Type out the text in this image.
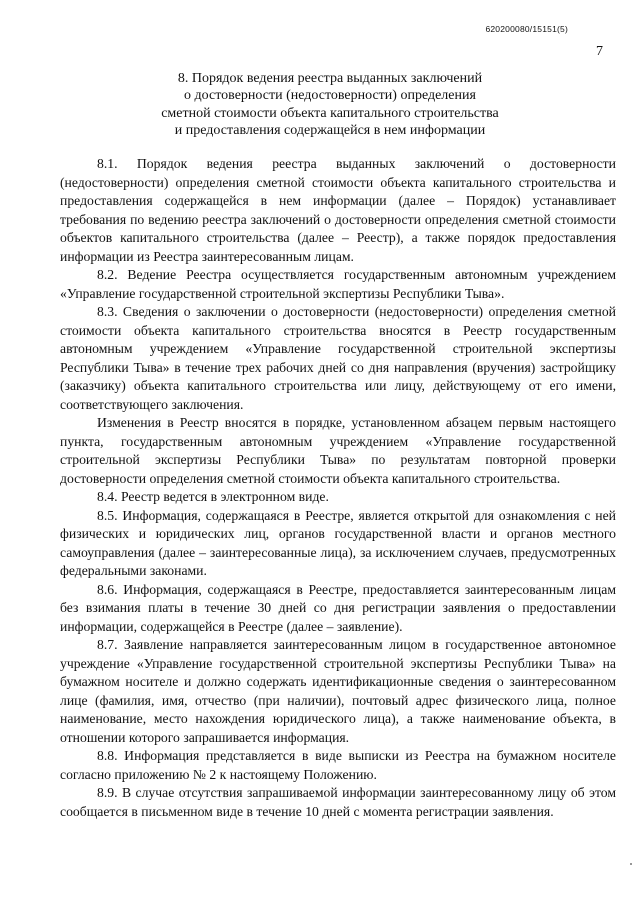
620200080/15151(5)
7
8. Порядок ведения реестра выданных заключений
о достоверности (недостоверности) определения
сметной стоимости объекта капитального строительства
и предоставления содержащейся в нем информации

8.1. Порядок ведения реестра выданных заключений о достоверности (недостоверности) определения сметной стоимости объекта капитального строительства и предоставления содержащейся в нем информации (далее – Порядок) устанавливает требования по ведению реестра заключений о достоверности определения сметной стоимости объектов капитального строительства (далее – Реестр), а также порядок предоставления информации из Реестра заинтересованным лицам.

8.2. Ведение Реестра осуществляется государственным автономным учреждением «Управление государственной строительной экспертизы Республики Тыва».

8.3. Сведения о заключении о достоверности (недостоверности) определения сметной стоимости объекта капитального строительства вносятся в Реестр государственным автономным учреждением «Управление государственной строительной экспертизы Республики Тыва» в течение трех рабочих дней со дня направления (вручения) застройщику (заказчику) объекта капитального строительства или лицу, действующему от его имени, соответствующего заключения.

Изменения в Реестр вносятся в порядке, установленном абзацем первым настоящего пункта, государственным автономным учреждением «Управление государственной строительной экспертизы Республики Тыва» по результатам повторной проверки достоверности определения сметной стоимости объекта капитального строительства.

8.4. Реестр ведется в электронном виде.

8.5. Информация, содержащаяся в Реестре, является открытой для ознакомления с ней физических и юридических лиц, органов государственной власти и органов местного самоуправления (далее – заинтересованные лица), за исключением случаев, предусмотренных федеральными законами.

8.6. Информация, содержащаяся в Реестре, предоставляется заинтересованным лицам без взимания платы в течение 30 дней со дня регистрации заявления о предоставлении информации, содержащейся в Реестре (далее – заявление).

8.7. Заявление направляется заинтересованным лицом в государственное автономное учреждение «Управление государственной строительной экспертизы Республики Тыва» на бумажном носителе и должно содержать идентификационные сведения о заинтересованном лице (фамилия, имя, отчество (при наличии), почтовый адрес физического лица, полное наименование, место нахождения юридического лица), а также наименование объекта, в отношении которого запрашивается информация.

8.8. Информация представляется в виде выписки из Реестра на бумажном носителе согласно приложению № 2 к настоящему Положению.

8.9. В случае отсутствия запрашиваемой информации заинтересованному лицу об этом сообщается в письменном виде в течение 10 дней с момента регистрации заявления.
